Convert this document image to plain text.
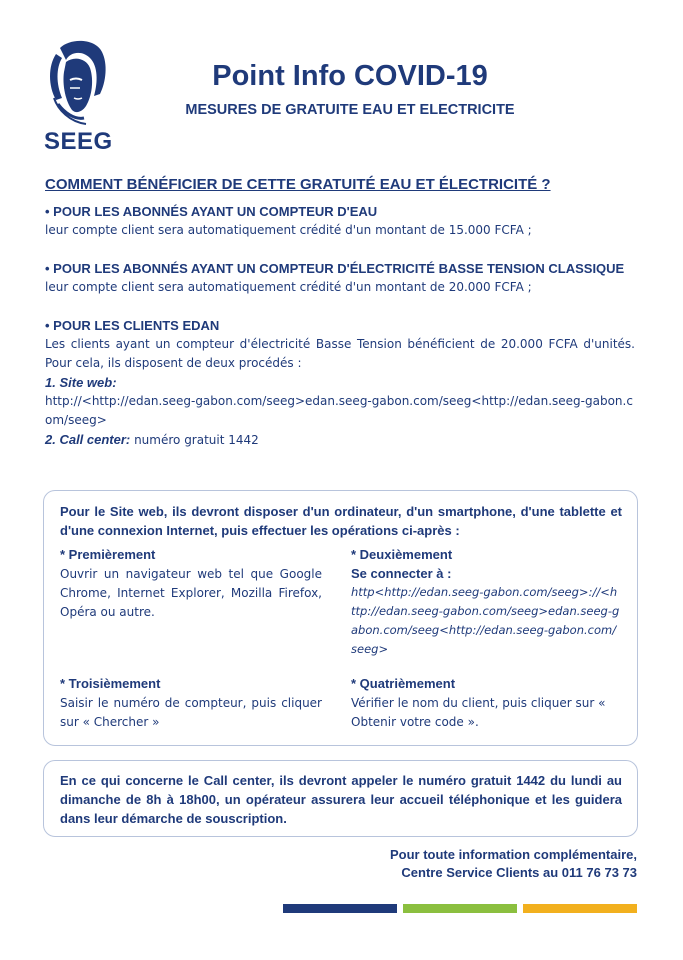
SEEG
Point Info COVID-19
MESURES DE GRATUITE EAU ET ELECTRICITE
COMMENT BÉNÉFICIER DE CETTE GRATUITÉ EAU ET ÉLECTRICITÉ ?
• POUR LES ABONNÉS AYANT UN COMPTEUR D'EAU
leur compte client sera automatiquement crédité d'un montant de 15.000 FCFA ;
• POUR LES ABONNÉS AYANT UN COMPTEUR D'ÉLECTRICITÉ BASSE TENSION CLASSIQUE
leur compte client sera automatiquement crédité d'un montant de 20.000 FCFA ;
• POUR LES CLIENTS EDAN
Les clients ayant un compteur d'électricité Basse Tension bénéficient de 20.000 FCFA d'unités. Pour cela, ils disposent de deux procédés :
1. Site web:
http://<http://edan.seeg-gabon.com/seeg>edan.seeg-gabon.com/seeg<http://edan.seeg-gabon.com/seeg>
2. Call center: numéro gratuit 1442
Pour le Site web, ils devront disposer d'un ordinateur, d'un smartphone, d'une tablette et d'une connexion Internet, puis effectuer les opérations ci-après :
* Premièrement
Ouvrir un navigateur web tel que Google Chrome, Internet Explorer, Mozilla Firefox, Opéra ou autre.
* Deuxièmement
Se connecter à :
http<http://edan.seeg-gabon.com/seeg>://<http://edan.seeg-gabon.com/seeg>edan.seeg-gabon.com/seeg<http://edan.seeg-gabon.com/seeg>
* Troisièmement
Saisir le numéro de compteur, puis cliquer sur « Chercher »
* Quatrièmement
Vérifier le nom du client, puis cliquer sur « Obtenir votre code ».
En ce qui concerne le Call center, ils devront appeler le numéro gratuit 1442 du lundi au dimanche de 8h à 18h00, un opérateur assurera leur accueil téléphonique et les guidera dans leur démarche de souscription.
Pour toute information complémentaire,
Centre Service Clients au 011 76 73 73
